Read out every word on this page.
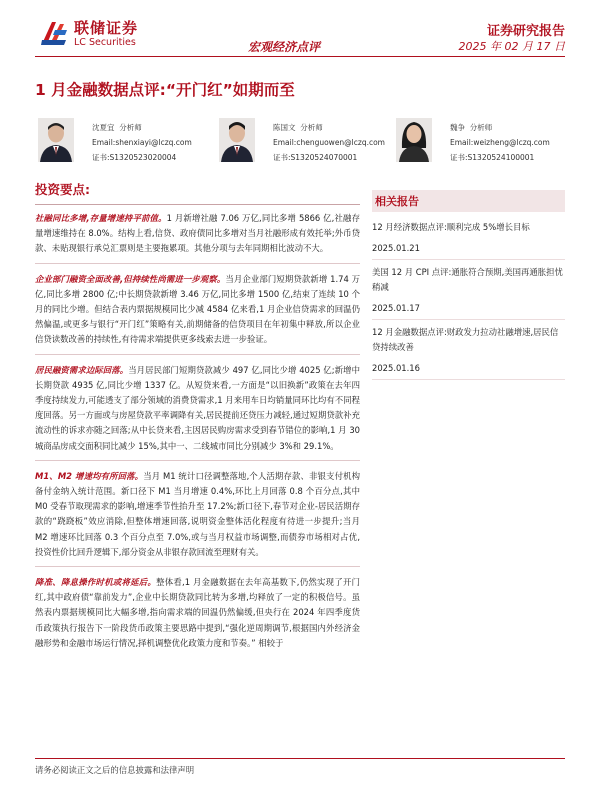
联储证券
LC Securities	宏观经济点评
证券研究报告
2025 年 02 月 17 日
1 月金融数据点评:“开门红”如期而至
沈夏宜 分析师
Email:shenxiayi@lczq.com
证书:S1320523020004
陈国文 分析师
Email:chenguowen@lczq.com
证书:S1320524070001
魏争 分析师
Email:weizheng@lczq.com
证书:S1320524100001
投资要点:

社融同比多增,存量增速持平前值。1 月新增社融 7.06 万亿,同比多增 5866 亿,社融存量增速维持在 8.0%。结构上看,信贷、政府债同比多增对当月社融形成有效托举;外币贷款、未贴现银行承兑汇票则是主要拖累项。其他分项与去年同期相比波动不大。

企业部门融资全面改善,但持续性尚需进一步观察。当月企业部门短期贷款新增 1.74 万亿,同比多增 2800 亿;中长期贷款新增 3.46 万亿,同比多增 1500 亿,结束了连续 10 个月的同比少增。但结合表内票据规模同比少减 4584 亿来看,1 月企业信贷需求的回温仍然偏温,或更多与银行“开门红”策略有关,前期储备的信贷项目在年初集中释放,所以企业信贷读数改善的持续性,有待需求端提供更多线索去进一步验证。

居民融资需求边际回落。当月居民部门短期贷款减少 497 亿,同比少增 4025 亿;新增中长期贷款 4935 亿,同比少增 1337 亿。从短贷来看,一方面是“以旧换新”政策在去年四季度持续发力,可能透支了部分领域的消费贷需求,1 月来用车日均销量同环比均有不同程度回落。另一方面或与房屋贷款平率调降有关,居民提前还贷压力减轻,通过短期贷款补充流动性的诉求亦随之回落;从中长贷来看,主因居民购房需求受到春节错位的影响,1 月 30 城商品房成交面积同比减少 15%,其中一、二线城市同比分别减少 3%和 29.1%。

M1、M2 增速均有所回落。当月 M1 统计口径调整落地,个人活期存款、非银支付机构备付金纳入统计范围。新口径下 M1 当月增速 0.4%,环比上月回落 0.8 个百分点,其中 M0 受春节取现需求的影响,增速季节性抬升至 17.2%;新口径下,春节对企业-居民活期存款的“跷跷板”效应消除,但整体增速回落,说明资金整体活化程度有待进一步提升;当月 M2 增速环比回落 0.3 个百分点至 7.0%,或与当月权益市场调整,而债券市场相对占优,投资性价比回升逻辑下,部分资金从非银存款回流至理财有关。

降准、降息操作时机或将延后。整体看,1 月金融数据在去年高基数下,仍然实现了开门红,其中政府债“靠前发力”,企业中长期贷款同比转为多增,均释放了一定的积极信号。虽然表内票据规模同比大幅多增,指向需求端的回温仍然偏缓,但央行在 2024 年四季度货币政策执行报告下一阶段货币政策主要思路中提到,“强化逆周期调节,根据国内外经济金融形势和金融市场运行情况,择机调整优化政策力度和节奏。” 相较于

相关报告
12 月经济数据点评:顺利完成 5%增长目标
2025.01.21
美国 12 月 CPI 点评:通胀符合预期,美国再通胀担忧稍减
2025.01.17
12 月金融数据点评:财政发力拉动社融增速,居民信贷持续改善
2025.01.16
请务必阅读正文之后的信息披露和法律声明
